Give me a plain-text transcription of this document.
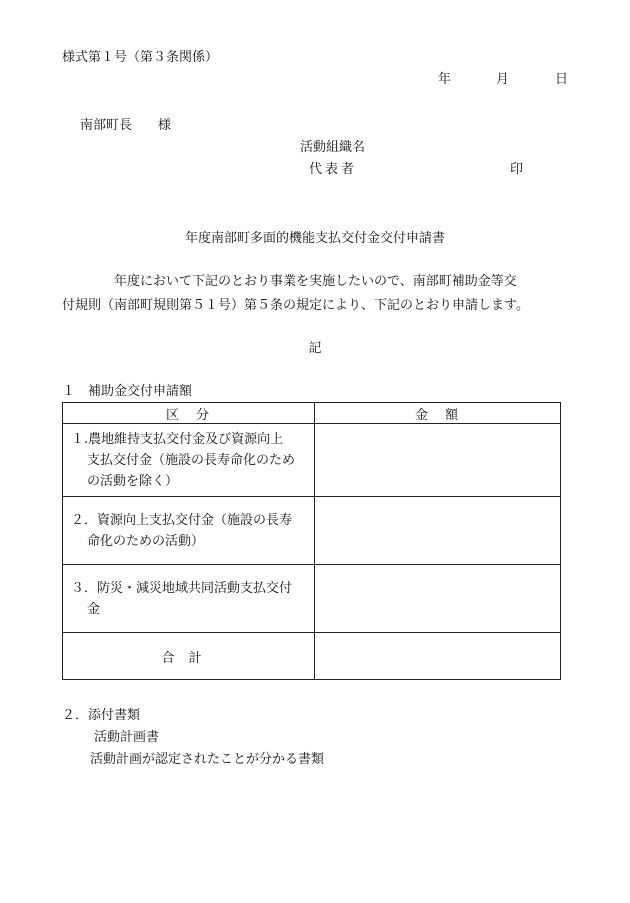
様式第１号（第３条関係）
年	月	日
南部町長　　様
活動組織名
代表者	印
年度南部町多面的機能支払交付金交付申請書

　　　　年度において下記のとおり事業を実施したいので、南部町補助金等交

付規則（南部町規則第５１号）第５条の規定により、下記のとおり申請します。

記
１　補助金交付申請額
区　分	金　額

１.農地維持支払交付金及び資源向上
支払交付金（施設の長寿命化のため
の活動を除く）	

２．資源向上支払交付金（施設の長寿
命化のための活動）	

３．防災・減災地域共同活動支払交付
金	

合計	
２．添付書類
活動計画書
活動計画が認定されたことが分かる書類
